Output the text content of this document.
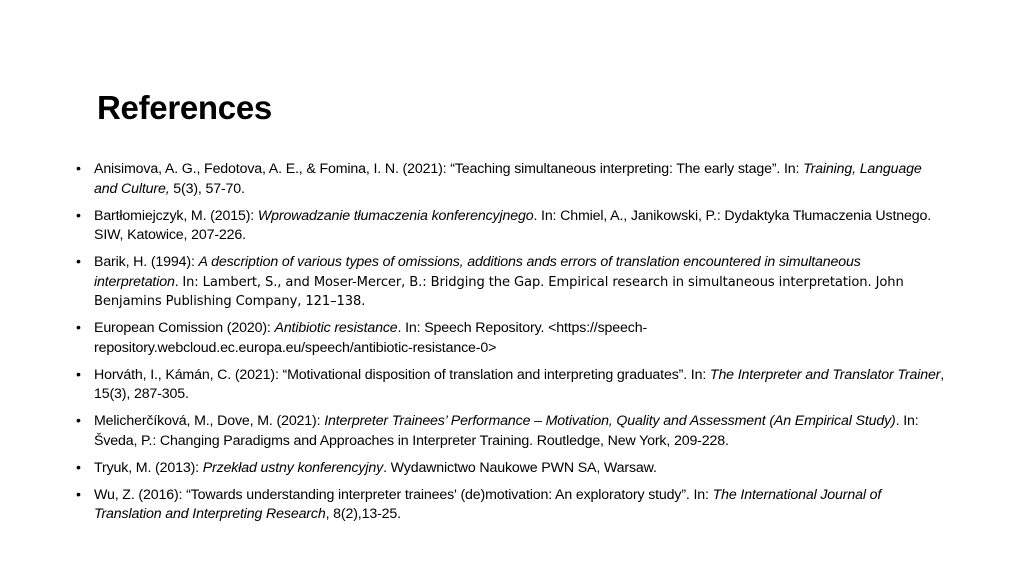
References
• Anisimova, A. G., Fedotova, A. E., & Fomina, I. N. (2021): “Teaching simultaneous interpreting: The early stage”. In: Training, Language and Culture, 5(3), 57-70.
• Bartłomiejczyk, M. (2015): Wprowadzanie tłumaczenia konferencyjnego. In: Chmiel, A., Janikowski, P.: Dydaktyka Tłumaczenia Ustnego. SIW, Katowice, 207-226.
• Barik, H. (1994): A description of various types of omissions, additions ands errors of translation encountered in simultaneous interpretation. In: Lambert, S., and Moser-Mercer, B.: Bridging the Gap. Empirical research in simultaneous interpretation. John Benjamins Publishing Company, 121–138.
• European Comission (2020): Antibiotic resistance. In: Speech Repository. <https://speech-repository.webcloud.ec.europa.eu/speech/antibiotic-resistance-0>
• Horváth, I., Kámán, C. (2021): “Motivational disposition of translation and interpreting graduates”. In: The Interpreter and Translator Trainer, 15(3), 287-305.
• Melicherčíková, M., Dove, M. (2021): Interpreter Trainees’ Performance – Motivation, Quality and Assessment (An Empirical Study). In: Šveda, P.: Changing Paradigms and Approaches in Interpreter Training. Routledge, New York, 209-228.
• Tryuk, M. (2013): Przekład ustny konferencyjny. Wydawnictwo Naukowe PWN SA, Warsaw.
• Wu, Z. (2016): “Towards understanding interpreter trainees' (de)motivation: An exploratory study”. In: The International Journal of Translation and Interpreting Research, 8(2),13-25.
